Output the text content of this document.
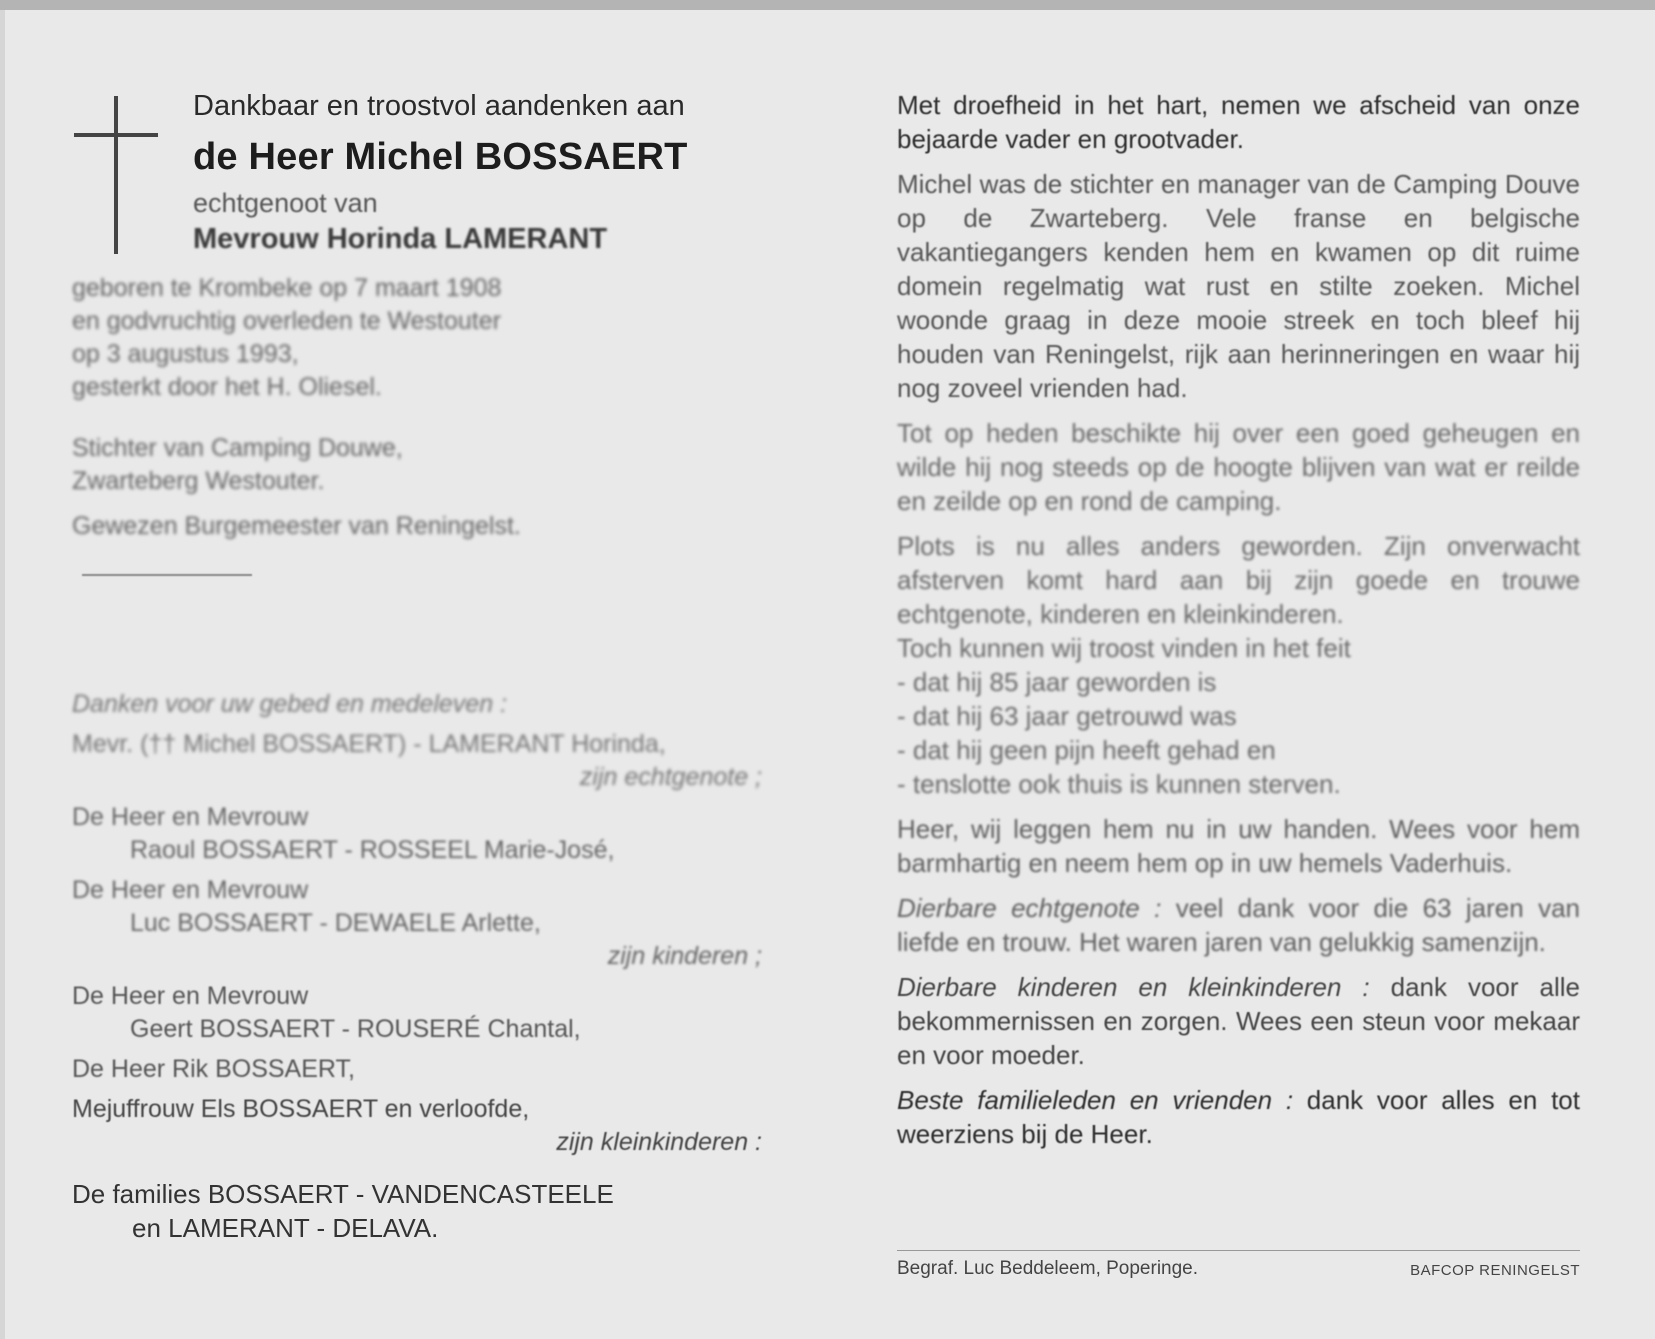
Dankbaar en troostvol aandenken aan
de Heer Michel BOSSAERT
echtgenoot van
Mevrouw Horinda LAMERANT
geboren te Krombeke op 7 maart 1908
en godvruchtig overleden te Westouter
op 3 augustus 1993,
gesterkt door het H. Oliesel.
Stichter van Camping Douwe,
Zwarteberg Westouter.
Gewezen Burgemeester van Reningelst.
Danken voor uw gebed en medeleven :
Mevr. (†† Michel BOSSAERT) - LAMERANT Horinda,
zijn echtgenote ;
De Heer en Mevrouw
Raoul BOSSAERT - ROSSEEL Marie-José,
De Heer en Mevrouw
Luc BOSSAERT - DEWAELE Arlette,
zijn kinderen ;
De Heer en Mevrouw
Geert BOSSAERT - ROUSERÉ Chantal,
De Heer Rik BOSSAERT,
Mejuffrouw Els BOSSAERT en verloofde,
zijn kleinkinderen :
De families BOSSAERT - VANDENCASTEELE
en LAMERANT - DELAVA.

Met droefheid in het hart, nemen we afscheid van onze bejaarde vader en grootvader.

Michel was de stichter en manager van de Camping Douve op de Zwarteberg. Vele franse en belgische vakantiegangers kenden hem en kwamen op dit ruime domein regelmatig wat rust en stilte zoeken. Michel woonde graag in deze mooie streek en toch bleef hij houden van Reningelst, rijk aan herinneringen en waar hij nog zoveel vrienden had.

Tot op heden beschikte hij over een goed geheugen en wilde hij nog steeds op de hoogte blijven van wat er reilde en zeilde op en rond de camping.

Plots is nu alles anders geworden. Zijn onverwacht afsterven komt hard aan bij zijn goede en trouwe echtgenote, kinderen en kleinkinderen.

Toch kunnen wij troost vinden in het feit
- dat hij 85 jaar geworden is
- dat hij 63 jaar getrouwd was
- dat hij geen pijn heeft gehad en
- tenslotte ook thuis is kunnen sterven.

Heer, wij leggen hem nu in uw handen. Wees voor hem barmhartig en neem hem op in uw hemels Vaderhuis.

Dierbare echtgenote : veel dank voor die 63 jaren van liefde en trouw. Het waren jaren van gelukkig samenzijn.

Dierbare kinderen en kleinkinderen : dank voor alle bekommernissen en zorgen. Wees een steun voor mekaar en voor moeder.

Beste familieleden en vrienden : dank voor alles en tot weerziens bij de Heer.

Begraf. Luc Beddeleem, Poperinge.	BAFCOP RENINGELST
